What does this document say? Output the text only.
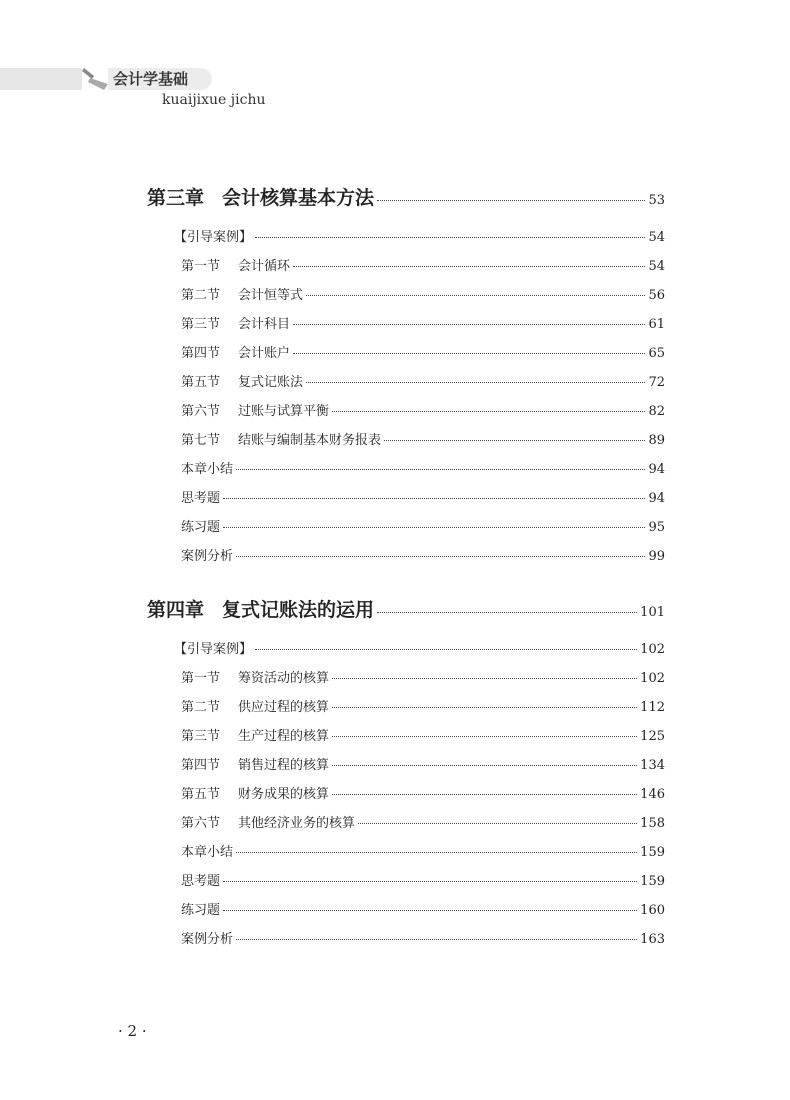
会计学基础
kuaijixue jichu
第三章 会计核算基本方法	53
【引导案例】	54
第一节 会计循环	54
第二节 会计恒等式	56
第三节 会计科目	61
第四节 会计账户	65
第五节 复式记账法	72
第六节 过账与试算平衡	82
第七节 结账与编制基本财务报表	89
本章小结	94
思考题	94
练习题	95
案例分析	99
第四章 复式记账法的运用	101
【引导案例】	102
第一节 筹资活动的核算	102
第二节 供应过程的核算	112
第三节 生产过程的核算	125
第四节 销售过程的核算	134
第五节 财务成果的核算	146
第六节 其他经济业务的核算	158
本章小结	159
思考题	159
练习题	160
案例分析	163
· 2 ·
